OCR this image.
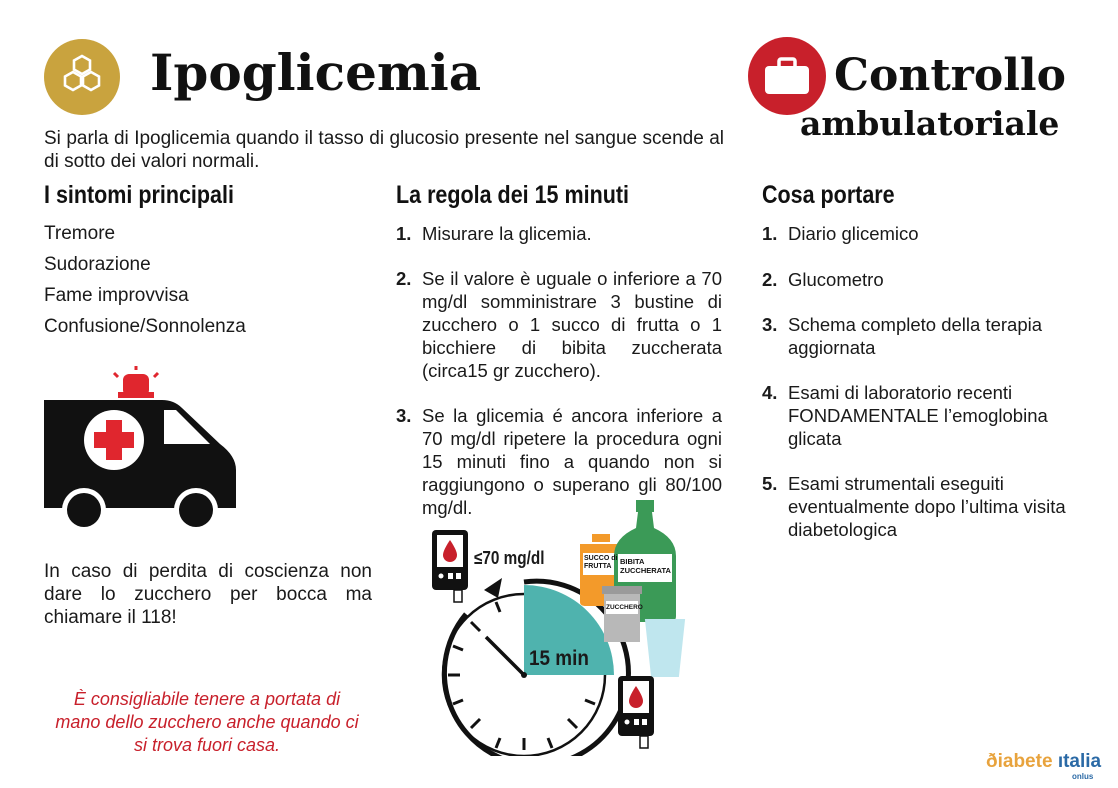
Ipoglicemia	Controllo
ambulatoriale

Si parla di Ipoglicemia quando il tasso di glucosio presente nel sangue scende al di sotto dei valori normali.

I sintomi principali

Tremore

Sudorazione

Fame improvvisa

Confusione/Sonnolenza

In caso di perdita di coscienza non dare lo zucchero per bocca ma chiamare il 118!

È consigliabile tenere a portata di mano dello zucchero anche quando ci si trova fuori casa.

La regola dei 15 minuti
1. Misurare la glicemia.
2. Se il valore è uguale o inferiore a 70 mg/dl somministrare 3 bustine di zucchero o 1 succo di frutta o 1 bicchiere di bibita zuccherata (circa15 gr zucchero).
3. Se la glicemia é ancora inferiore a 70 mg/dl ripetere la procedura ogni 15 minuti fino a quando non si raggiungono o superano gli 80/100 mg/dl.
≤70 mg/dl
15 min
SUCCO di
FRUTTA
BIBITA
ZUCCHERATA
ZUCCHERO
Cosa portare
1. Diario glicemico
2. Glucometro
3. Schema completo della terapia aggiornata
4. Esami di laboratorio recenti FONDAMENTALE l’emoglobina glicata
5. Esami strumentali eseguiti eventualmente dopo l’ultima visita diabetologica
ðiabete ıtalia
onlus
